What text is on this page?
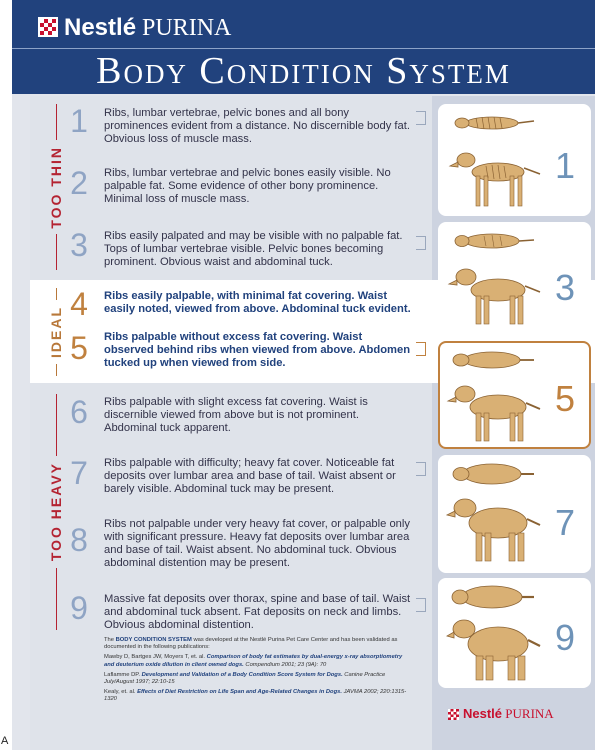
Nestlé PURINA
Body Condition System
TOO THIN
IDEAL
TOO HEAVY
1	Ribs, lumbar vertebrae, pelvic bones and all bony prominences evident from a distance. No discernible body fat. Obvious loss of muscle mass.
2	Ribs, lumbar vertebrae and pelvic bones easily visible. No palpable fat. Some evidence of other bony prominence. Minimal loss of muscle mass.
3	Ribs easily palpated and may be visible with no palpable fat. Tops of lumbar vertebrae visible. Pelvic bones becoming prominent. Obvious waist and abdominal tuck.
4	Ribs easily palpable, with minimal fat covering. Waist easily noted, viewed from above. Abdominal tuck evident.
5	Ribs palpable without excess fat covering. Waist observed behind ribs when viewed from above. Abdomen tucked up when viewed from side.
6	Ribs palpable with slight excess fat covering. Waist is discernible viewed from above but is not prominent. Abdominal tuck apparent.
7	Ribs palpable with difficulty; heavy fat cover. Noticeable fat deposits over lumbar area and base of tail. Waist absent or barely visible. Abdominal tuck may be present.
8	Ribs not palpable under very heavy fat cover, or palpable only with significant pressure. Heavy fat deposits over lumbar area and base of tail. Waist absent. No abdominal tuck. Obvious abdominal distention may be present.
9	Massive fat deposits over thorax, spine and base of tail. Waist and abdominal tuck absent. Fat deposits on neck and limbs. Obvious abdominal distention.
1
3
5
7
9

The BODY CONDITION SYSTEM was developed at the Nestlé Purina Pet Care Center and has been validated as documented in the following publications:

Mawby D, Bartges JW, Moyers T, et. al. Comparison of body fat estimates by dual-energy x-ray absorptiometry and deuterium oxide dilution in client owned dogs. Compendium 2001; 23 (9A): 70

Laflamme DP. Development and Validation of a Body Condition Score System for Dogs. Canine Practice July/August 1997; 22:10-15

Kealy, et. al. Effects of Diet Restriction on Life Span and Age-Related Changes in Dogs. JAVMA 2002; 220:1315-1320

Nestlé PURINA
A
